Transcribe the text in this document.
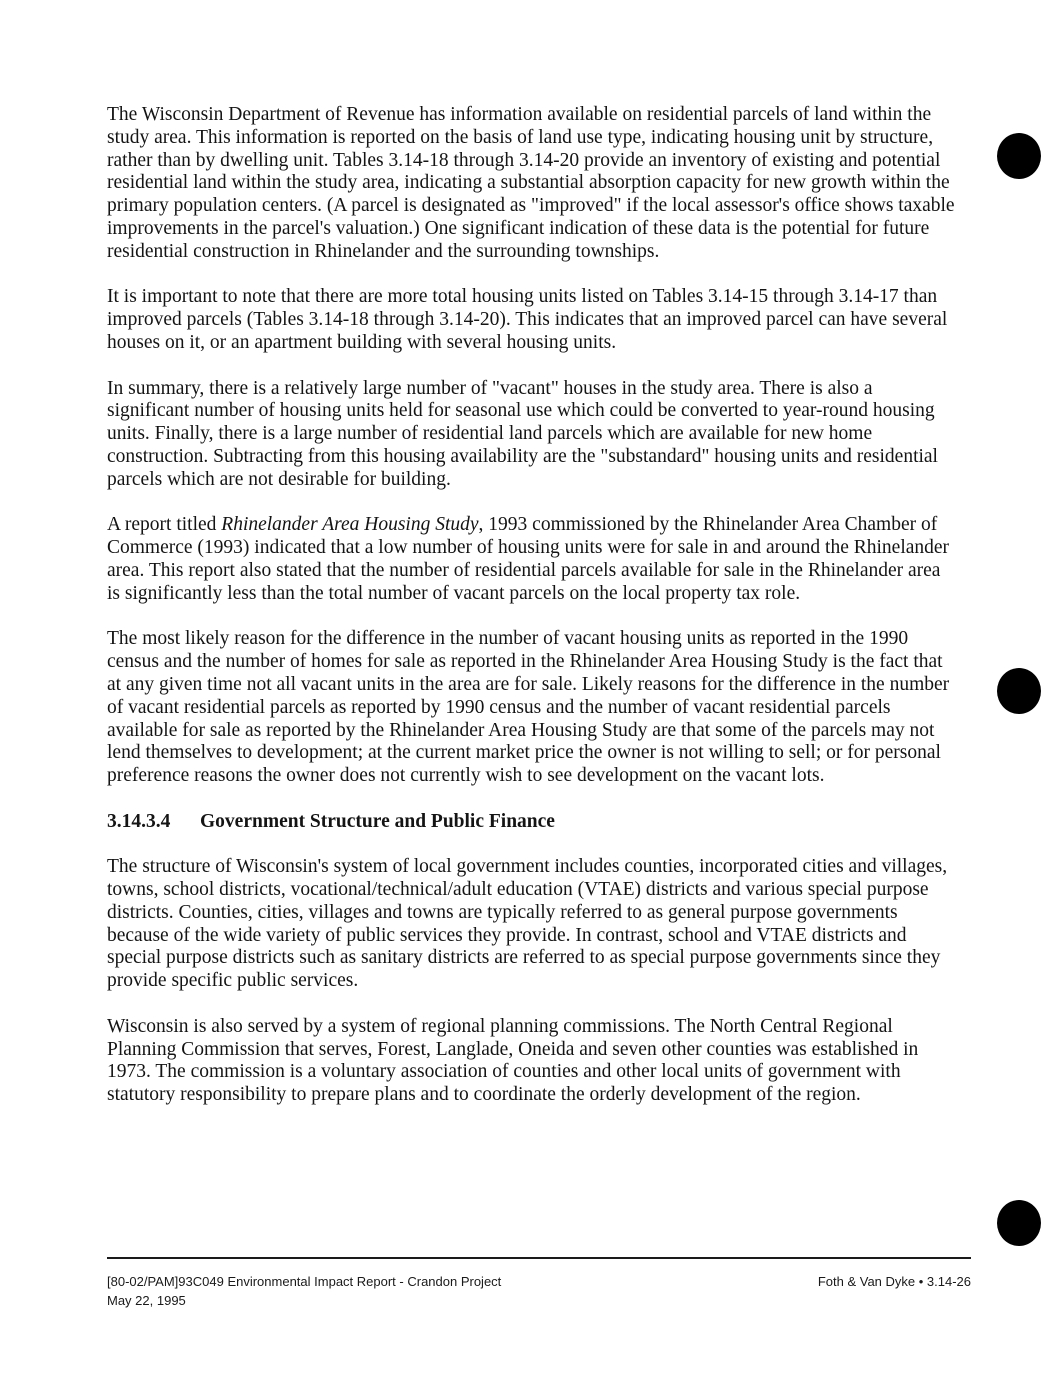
The Wisconsin Department of Revenue has information available on residential parcels of land within the study area. This information is reported on the basis of land use type, indicating housing unit by structure, rather than by dwelling unit. Tables 3.14-18 through 3.14-20 provide an inventory of existing and potential residential land within the study area, indicating a substantial absorption capacity for new growth within the primary population centers. (A parcel is designated as "improved" if the local assessor's office shows taxable improvements in the parcel's valuation.) One significant indication of these data is the potential for future residential construction in Rhinelander and the surrounding townships.

It is important to note that there are more total housing units listed on Tables 3.14-15 through 3.14-17 than improved parcels (Tables 3.14-18 through 3.14-20). This indicates that an improved parcel can have several houses on it, or an apartment building with several housing units.

In summary, there is a relatively large number of "vacant" houses in the study area. There is also a significant number of housing units held for seasonal use which could be converted to year-round housing units. Finally, there is a large number of residential land parcels which are available for new home construction. Subtracting from this housing availability are the "substandard" housing units and residential parcels which are not desirable for building.

A report titled Rhinelander Area Housing Study, 1993 commissioned by the Rhinelander Area Chamber of Commerce (1993) indicated that a low number of housing units were for sale in and around the Rhinelander area. This report also stated that the number of residential parcels available for sale in the Rhinelander area is significantly less than the total number of vacant parcels on the local property tax role.

The most likely reason for the difference in the number of vacant housing units as reported in the 1990 census and the number of homes for sale as reported in the Rhinelander Area Housing Study is the fact that at any given time not all vacant units in the area are for sale. Likely reasons for the difference in the number of vacant residential parcels as reported by 1990 census and the number of vacant residential parcels available for sale as reported by the Rhinelander Area Housing Study are that some of the parcels may not lend themselves to development; at the current market price the owner is not willing to sell; or for personal preference reasons the owner does not currently wish to see development on the vacant lots.

3.14.3.4 Government Structure and Public Finance

The structure of Wisconsin's system of local government includes counties, incorporated cities and villages, towns, school districts, vocational/technical/adult education (VTAE) districts and various special purpose districts. Counties, cities, villages and towns are typically referred to as general purpose governments because of the wide variety of public services they provide. In contrast, school and VTAE districts and special purpose districts such as sanitary districts are referred to as special purpose governments since they provide specific public services.

Wisconsin is also served by a system of regional planning commissions. The North Central Regional Planning Commission that serves, Forest, Langlade, Oneida and seven other counties was established in 1973. The commission is a voluntary association of counties and other local units of government with statutory responsibility to prepare plans and to coordinate the orderly development of the region.

[80-02/PAM]93C049 Environmental Impact Report - Crandon Project
May 22, 1995
Foth & Van Dyke • 3.14-26
